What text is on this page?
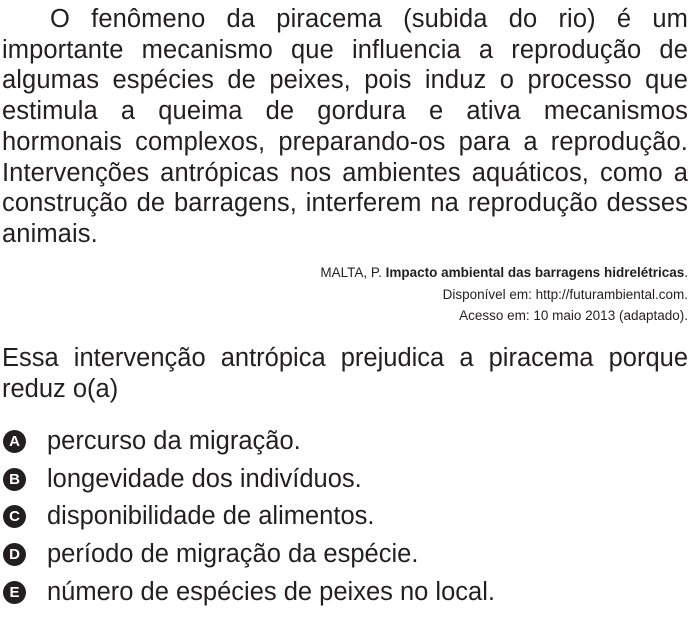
O fenômeno da piracema (subida do rio) é um importante mecanismo que influencia a reprodução de algumas espécies de peixes, pois induz o processo que estimula a queima de gordura e ativa mecanismos hormonais complexos, preparando-os para a reprodução. Intervenções antrópicas nos ambientes aquáticos, como a construção de barragens, interferem na reprodução desses animais.

MALTA, P. Impacto ambiental das barragens hidrelétricas.
Disponível em: http://futurambiental.com.
Acesso em: 10 maio 2013 (adaptado).

Essa intervenção antrópica prejudica a piracema porque reduz o(a)

A percurso da migração.
B longevidade dos indivíduos.
C disponibilidade de alimentos.
D período de migração da espécie.
E número de espécies de peixes no local.
